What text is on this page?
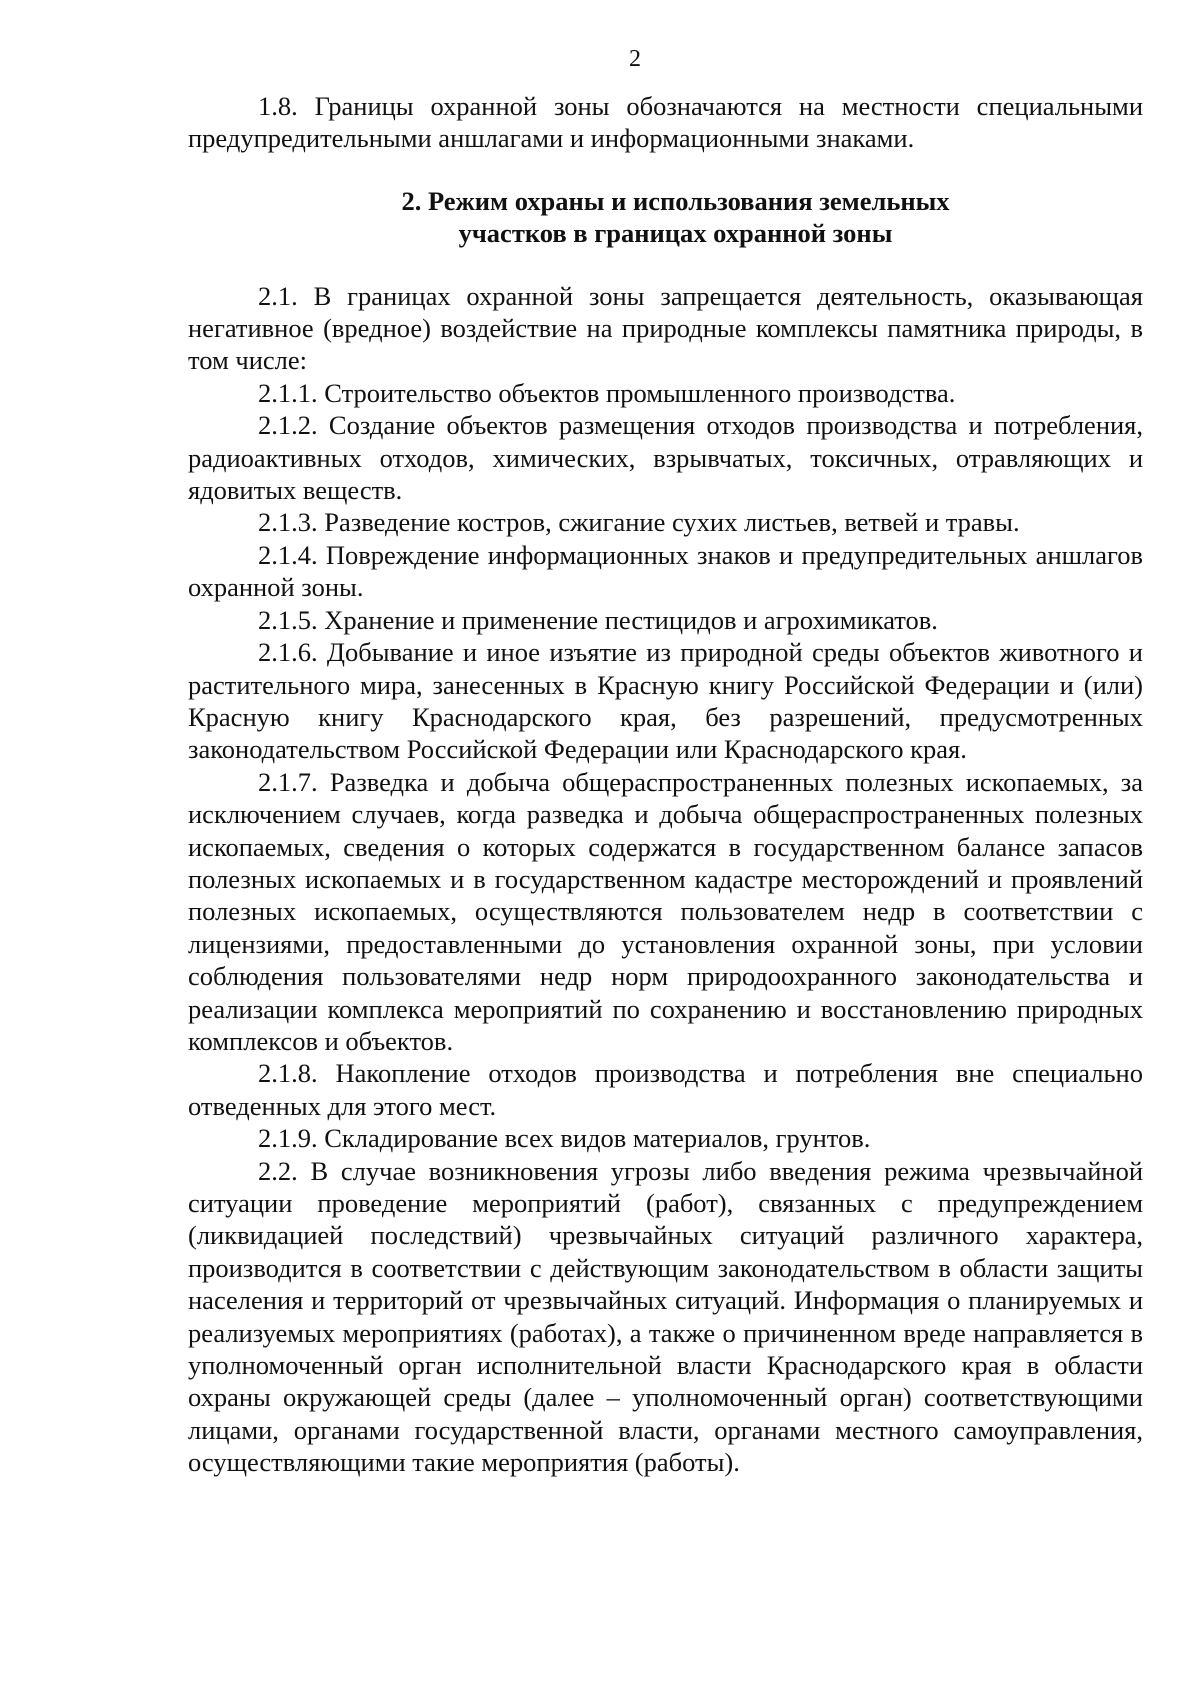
2

1.8. Границы охранной зоны обозначаются на местности специальными предупредительными аншлагами и информационными знаками.

2. Режим охраны и использования земельных
участков в границах охранной зоны

2.1. В границах охранной зоны запрещается деятельность, оказывающая негативное (вредное) воздействие на природные комплексы памятника природы, в том числе:

2.1.1. Строительство объектов промышленного производства.

2.1.2. Создание объектов размещения отходов производства и потребления, радиоактивных отходов, химических, взрывчатых, токсичных, отравляющих и ядовитых веществ.

2.1.3. Разведение костров, сжигание сухих листьев, ветвей и травы.

2.1.4. Повреждение информационных знаков и предупредительных аншлагов охранной зоны.

2.1.5. Хранение и применение пестицидов и агрохимикатов.

2.1.6. Добывание и иное изъятие из природной среды объектов животного и растительного мира, занесенных в Красную книгу Российской Федерации и (или) Красную книгу Краснодарского края, без разрешений, предусмотренных законодательством Российской Федерации или Краснодарского края.

2.1.7. Разведка и добыча общераспространенных полезных ископаемых, за исключением случаев, когда разведка и добыча общераспространенных полезных ископаемых, сведения о которых содержатся в государственном балансе запасов полезных ископаемых и в государственном кадастре месторождений и проявлений полезных ископаемых, осуществляются пользователем недр в соответствии с лицензиями, предоставленными до установления охранной зоны, при условии соблюдения пользователями недр норм природоохранного законодательства и реализации комплекса мероприятий по сохранению и восстановлению природных комплексов и объектов.

2.1.8. Накопление отходов производства и потребления вне специально отведенных для этого мест.

2.1.9. Складирование всех видов материалов, грунтов.

2.2. В случае возникновения угрозы либо введения режима чрезвычайной ситуации проведение мероприятий (работ), связанных с предупреждением (ликвидацией последствий) чрезвычайных ситуаций различного характера, производится в соответствии с действующим законодательством в области защиты населения и территорий от чрезвычайных ситуаций. Информация о планируемых и реализуемых мероприятиях (работах), а также о причиненном вреде направляется в уполномоченный орган исполнительной власти Краснодарского края в области охраны окружающей среды (далее – уполномоченный орган) соответствующими лицами, органами государственной власти, органами местного самоуправления, осуществляющими такие мероприятия (работы).
